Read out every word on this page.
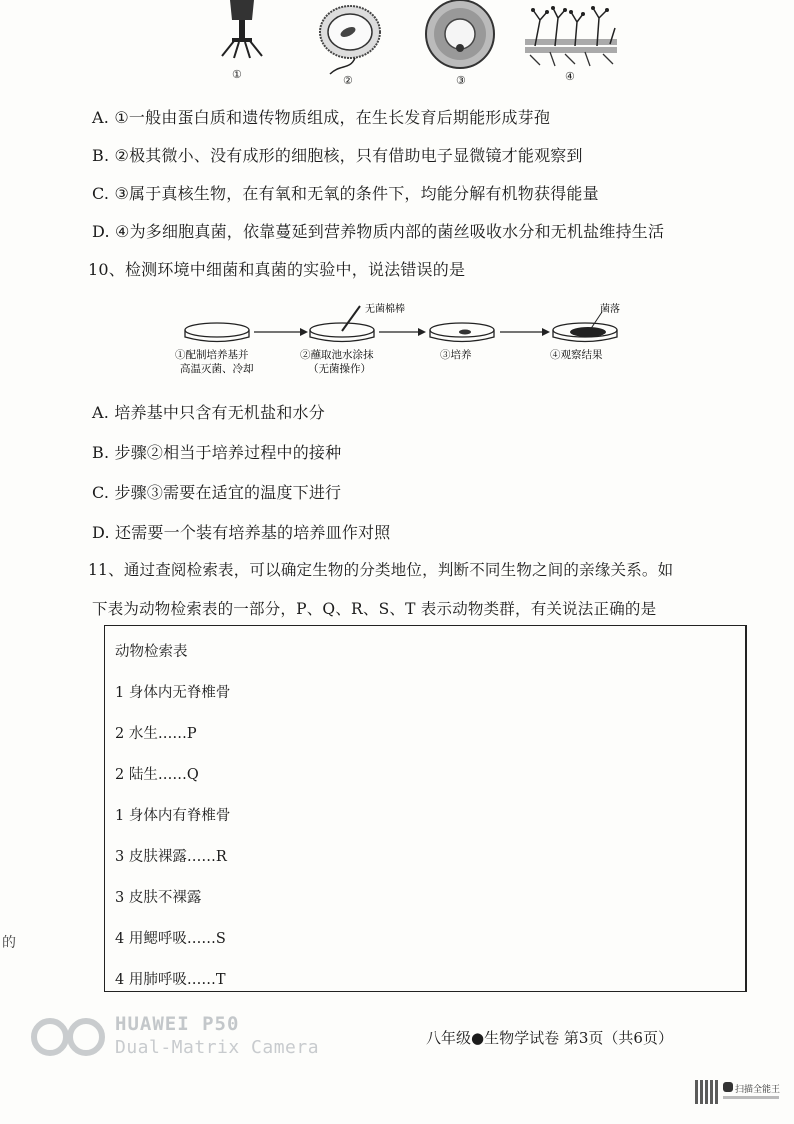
①	②	③	④
A. ①一般由蛋白质和遗传物质组成，在生长发育后期能形成芽孢
B. ②极其微小、没有成形的细胞核，只有借助电子显微镜才能观察到
C. ③属于真核生物，在有氧和无氧的条件下，均能分解有机物获得能量
D. ④为多细胞真菌，依靠蔓延到营养物质内部的菌丝吸收水分和无机盐维持生活
10、检测环境中细菌和真菌的实验中，说法错误的是
无菌棉棒	菌落
①配制培养基并
高温灭菌、冷却
②蘸取池水涂抹
（无菌操作）
③培养	④观察结果
A. 培养基中只含有无机盐和水分
B. 步骤②相当于培养过程中的接种
C. 步骤③需要在适宜的温度下进行
D. 还需要一个装有培养基的培养皿作对照
11、通过查阅检索表，可以确定生物的分类地位，判断不同生物之间的亲缘关系。如
下表为动物检索表的一部分，P、Q、R、S、T 表示动物类群，有关说法正确的是
动物检索表
1 身体内无脊椎骨
2 水生……P
2 陆生……Q
1 身体内有脊椎骨
3 皮肤裸露……R
3 皮肤不裸露
4 用鳃呼吸……S
4 用肺呼吸……T
的
HUAWEI P50
Dual-Matrix Camera	八年级●生物学试卷 第3页（共6页）
扫描全能王
